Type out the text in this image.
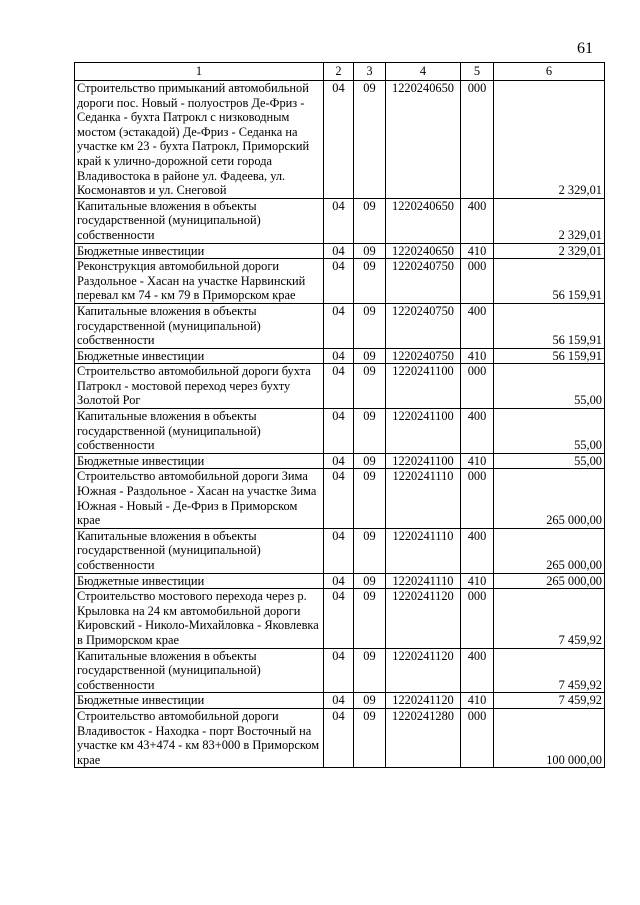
61
1	2	3	4	5	6
Строительство примыканий автомобильной дороги пос. Новый - полуостров Де-Фриз - Седанка - бухта Патрокл с низководным мостом (эстакадой) Де-Фриз - Седанка на участке км 23 - бухта Патрокл, Приморский край к улично-дорожной сети города Владивостока в районе ул. Фадеева, ул. Космонавтов и ул. Снеговой	04	09	1220240650	000	2 329,01
Капитальные вложения в объекты государственной (муниципальной) собственности	04	09	1220240650	400	2 329,01
Бюджетные инвестиции	04	09	1220240650	410	2 329,01
Реконструкция автомобильной дороги Раздольное - Хасан на участке Нарвинский перевал км 74 - км 79 в Приморском крае	04	09	1220240750	000	56 159,91
Капитальные вложения в объекты государственной (муниципальной) собственности	04	09	1220240750	400	56 159,91
Бюджетные инвестиции	04	09	1220240750	410	56 159,91
Строительство автомобильной дороги бухта Патрокл - мостовой переход через бухту Золотой Рог	04	09	1220241100	000	55,00
Капитальные вложения в объекты государственной (муниципальной) собственности	04	09	1220241100	400	55,00
Бюджетные инвестиции	04	09	1220241100	410	55,00
Строительство автомобильной дороги Зима Южная - Раздольное - Хасан на участке Зима Южная - Новый - Де-Фриз в Приморском крае	04	09	1220241110	000	265 000,00
Капитальные вложения в объекты государственной (муниципальной) собственности	04	09	1220241110	400	265 000,00
Бюджетные инвестиции	04	09	1220241110	410	265 000,00
Строительство мостового перехода через р. Крыловка на 24 км автомобильной дороги Кировский - Николо-Михайловка - Яковлевка в Приморском крае	04	09	1220241120	000	7 459,92
Капитальные вложения в объекты государственной (муниципальной) собственности	04	09	1220241120	400	7 459,92
Бюджетные инвестиции	04	09	1220241120	410	7 459,92
Строительство автомобильной дороги Владивосток - Находка - порт Восточный на участке км 43+474 - км 83+000 в Приморском крае	04	09	1220241280	000	100 000,00
